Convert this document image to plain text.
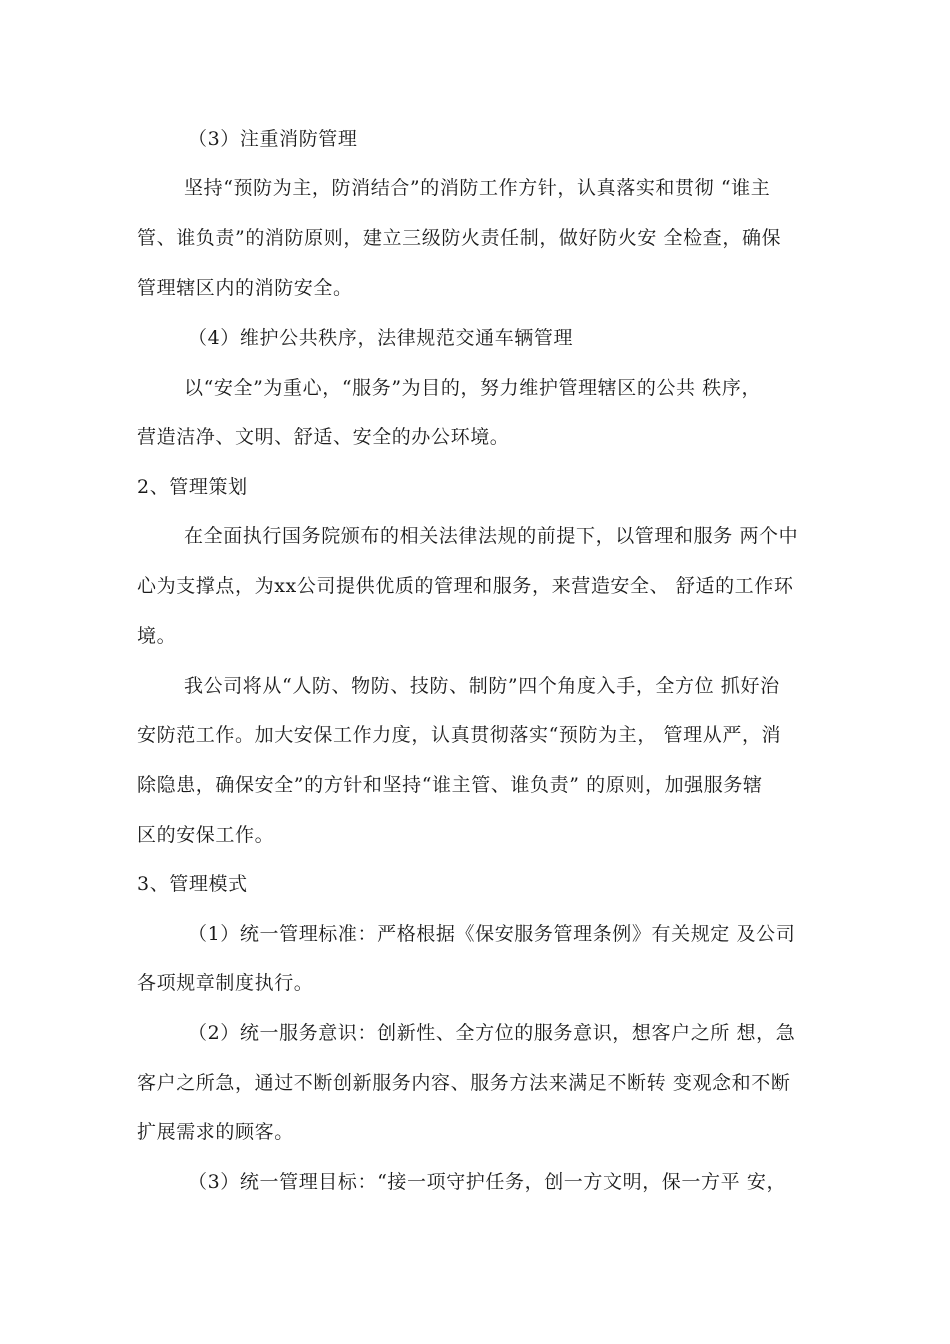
（3）注重消防管理
坚持“预防为主，防消结合”的消防工作方针，认真落实和贯彻 “谁主
管、谁负责”的消防原则，建立三级防火责任制，做好防火安 全检查，确保
管理辖区内的消防安全。
（4）维护公共秩序，法律规范交通车辆管理
以“安全”为重心，“服务”为目的，努力维护管理辖区的公共 秩序，
营造洁净、文明、舒适、安全的办公环境。
2、管理策划
在全面执行国务院颁布的相关法律法规的前提下，以管理和服务 两个中
心为支撑点，为xx公司提供优质的管理和服务，来营造安全、 舒适的工作环
境。
我公司将从“人防、物防、技防、制防”四个角度入手，全方位 抓好治
安防范工作。加大安保工作力度，认真贯彻落实“预防为主， 管理从严，消
除隐患，确保安全”的方针和坚持“谁主管、谁负责” 的原则，加强服务辖
区的安保工作。
3、管理模式
（1）统一管理标准：严格根据《保安服务管理条例》有关规定 及公司
各项规章制度执行。
（2）统一服务意识：创新性、全方位的服务意识，想客户之所 想，急
客户之所急，通过不断创新服务内容、服务方法来满足不断转 变观念和不断
扩展需求的顾客。
（3）统一管理目标：“接一项守护任务，创一方文明，保一方平 安，
